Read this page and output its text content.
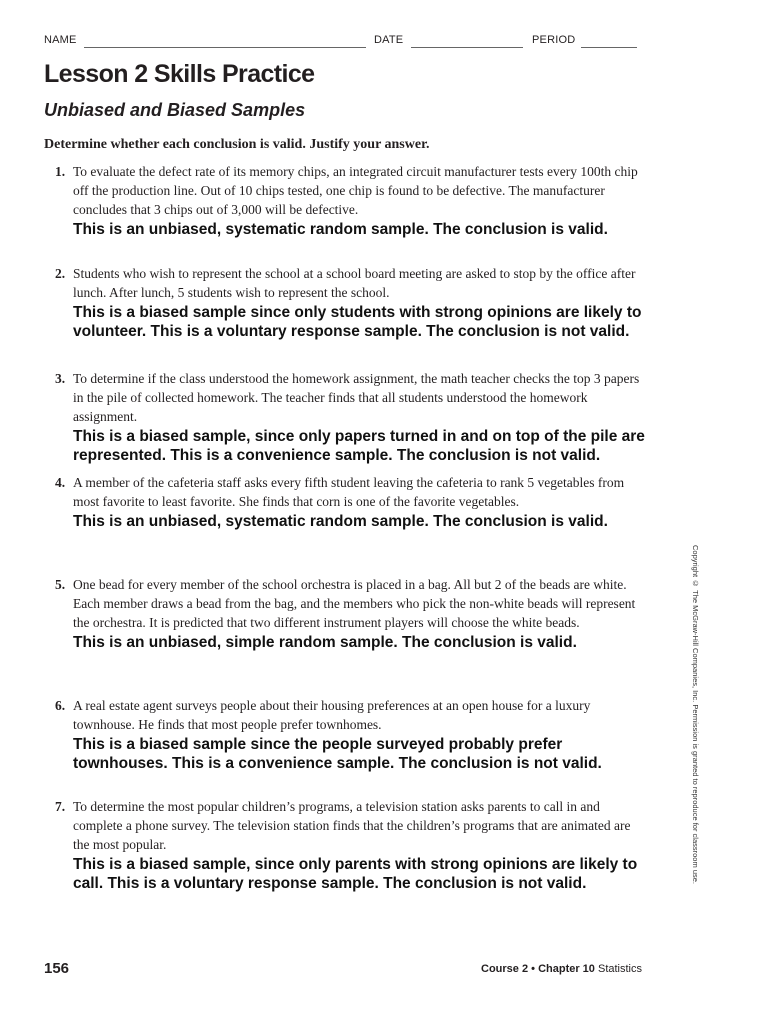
NAME	DATE	PERIOD
Lesson 2 Skills Practice
Unbiased and Biased Samples

Determine whether each conclusion is valid. Justify your answer.

1. To evaluate the defect rate of its memory chips, an integrated circuit manufacturer tests every 100th chip off the production line. Out of 10 chips tested, one chip is found to be defective. The manufacturer concludes that 3 chips out of 3,000 will be defective.
This is an unbiased, systematic random sample. The conclusion is valid.
2. Students who wish to represent the school at a school board meeting are asked to stop by the office after lunch. After lunch, 5 students wish to represent the school.
This is a biased sample since only students with strong opinions are likely to volunteer. This is a voluntary response sample. The conclusion is not valid.
3. To determine if the class understood the homework assignment, the math teacher checks the top 3 papers in the pile of collected homework. The teacher finds that all students understood the homework assignment.
This is a biased sample, since only papers turned in and on top of the pile are represented. This is a convenience sample. The conclusion is not valid.
4. A member of the cafeteria staff asks every fifth student leaving the cafeteria to rank 5 vegetables from most favorite to least favorite. She finds that corn is one of the favorite vegetables.
This is an unbiased, systematic random sample. The conclusion is valid.
5. One bead for every member of the school orchestra is placed in a bag. All but 2 of the beads are white. Each member draws a bead from the bag, and the members who pick the non-white beads will represent the orchestra. It is predicted that two different instrument players will choose the white beads.
This is an unbiased, simple random sample. The conclusion is valid.
6. A real estate agent surveys people about their housing preferences at an open house for a luxury townhouse. He finds that most people prefer townhomes.
This is a biased sample since the people surveyed probably prefer townhouses. This is a convenience sample. The conclusion is not valid.
7. To determine the most popular children’s programs, a television station asks parents to call in and complete a phone survey. The television station finds that the children’s programs that are animated are the most popular.
This is a biased sample, since only parents with strong opinions are likely to call. This is a voluntary response sample. The conclusion is not valid.	Copyright © The McGraw-Hill Companies, Inc. Permission is granted to reproduce for classroom use.
156	Course 2 • Chapter 10 Statistics
